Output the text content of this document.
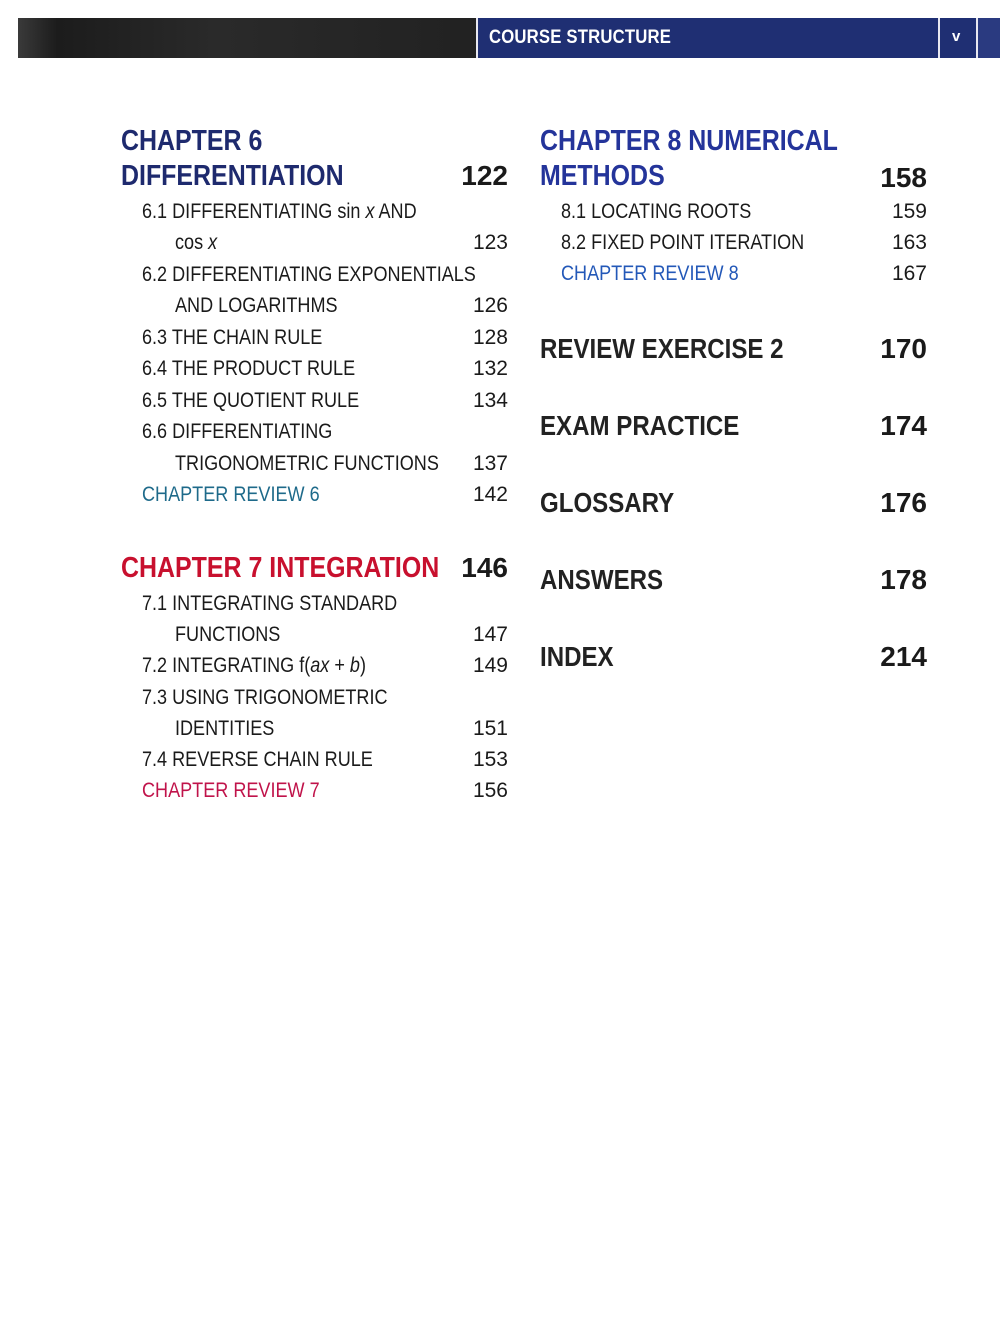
COURSE STRUCTURE	v
CHAPTER 6
DIFFERENTIATION	122
6.1 DIFFERENTIATING sin x AND
cos x	123
6.2 DIFFERENTIATING EXPONENTIALS
AND LOGARITHMS	126
6.3 THE CHAIN RULE	128
6.4 THE PRODUCT RULE	132
6.5 THE QUOTIENT RULE	134
6.6 DIFFERENTIATING
TRIGONOMETRIC FUNCTIONS	137
CHAPTER REVIEW 6	142
CHAPTER 7 INTEGRATION 146
7.1 INTEGRATING STANDARD
FUNCTIONS	147
7.2 INTEGRATING f(ax + b)	149
7.3 USING TRIGONOMETRIC
IDENTITIES	151
7.4 REVERSE CHAIN RULE	153
CHAPTER REVIEW 7	156
CHAPTER 8 NUMERICAL
METHODS	158
8.1 LOCATING ROOTS	159
8.2 FIXED POINT ITERATION	163
CHAPTER REVIEW 8	167
REVIEW EXERCISE 2	170
EXAM PRACTICE	174
GLOSSARY	176
ANSWERS	178
INDEX	214
